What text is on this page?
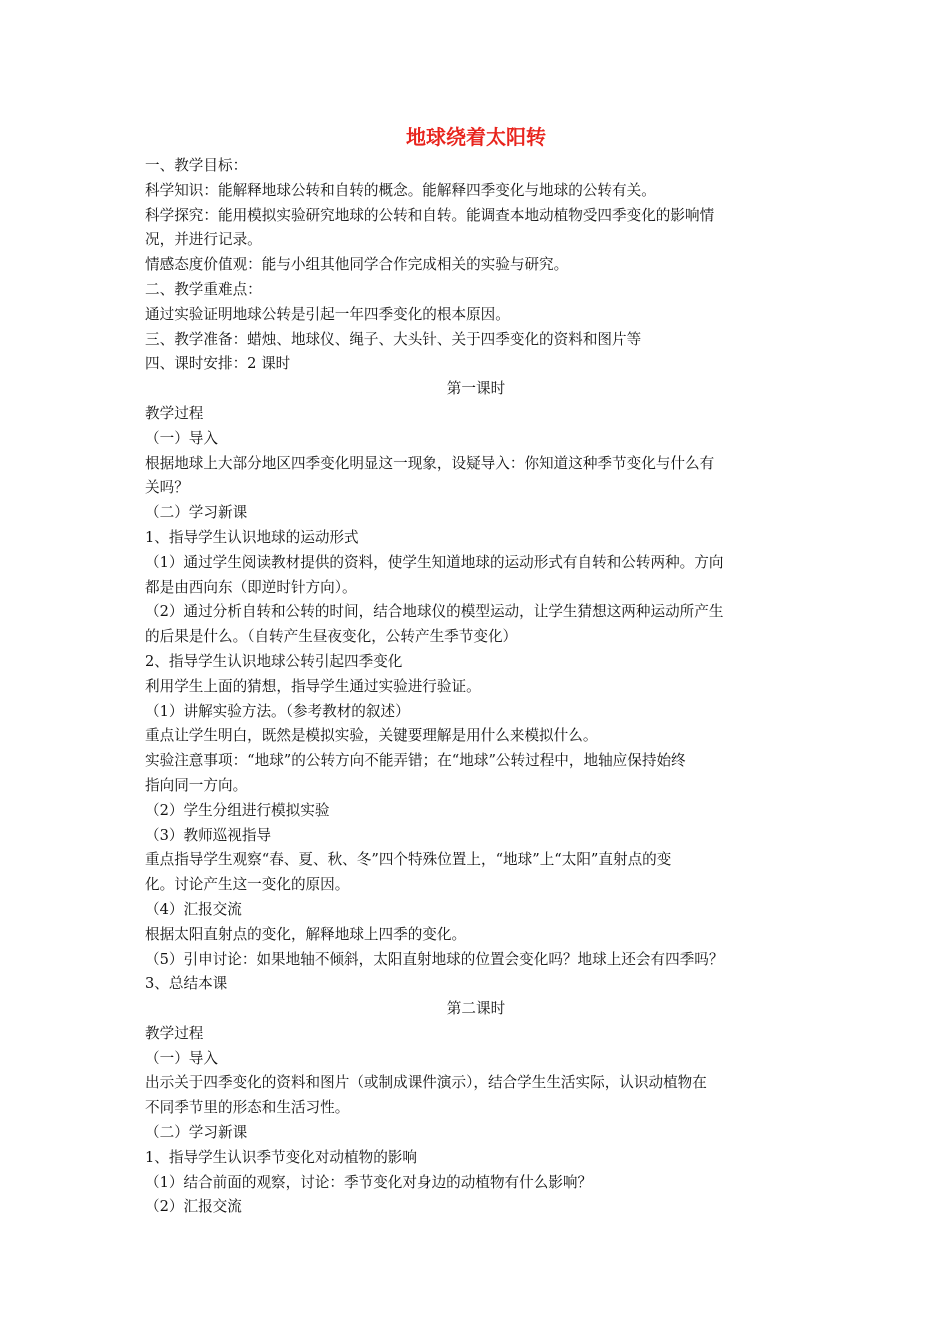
地球绕着太阳转

一、教学目标：

科学知识：能解释地球公转和自转的概念。能解释四季变化与地球的公转有关。

科学探究：能用模拟实验研究地球的公转和自转。能调查本地动植物受四季变化的影响情

况，并进行记录。

情感态度价值观：能与小组其他同学合作完成相关的实验与研究。

二、教学重难点：

通过实验证明地球公转是引起一年四季变化的根本原因。

三、教学准备：蜡烛、地球仪、绳子、大头针、关于四季变化的资料和图片等

四、课时安排：2 课时

第一课时

教学过程

（一）导入

根据地球上大部分地区四季变化明显这一现象，设疑导入：你知道这种季节变化与什么有

关吗？

（二）学习新课

1、指导学生认识地球的运动形式

（1）通过学生阅读教材提供的资料，使学生知道地球的运动形式有自转和公转两种。方向

都是由西向东（即逆时针方向）。

（2）通过分析自转和公转的时间，结合地球仪的模型运动，让学生猜想这两种运动所产生

的后果是什么。（自转产生昼夜变化，公转产生季节变化）

2、指导学生认识地球公转引起四季变化

利用学生上面的猜想，指导学生通过实验进行验证。

（1）讲解实验方法。（参考教材的叙述）

重点让学生明白，既然是模拟实验，关键要理解是用什么来模拟什么。

实验注意事项：“地球”的公转方向不能弄错；在“地球”公转过程中，地轴应保持始终

指向同一方向。

（2）学生分组进行模拟实验

（3）教师巡视指导

重点指导学生观察“春、夏、秋、冬”四个特殊位置上，“地球”上“太阳”直射点的变

化。讨论产生这一变化的原因。

（4）汇报交流

根据太阳直射点的变化，解释地球上四季的变化。

（5）引申讨论：如果地轴不倾斜，太阳直射地球的位置会变化吗？地球上还会有四季吗？

3、总结本课

第二课时

教学过程

（一）导入

出示关于四季变化的资料和图片（或制成课件演示），结合学生生活实际，认识动植物在

不同季节里的形态和生活习性。

（二）学习新课

1、指导学生认识季节变化对动植物的影响

（1）结合前面的观察，讨论：季节变化对身边的动植物有什么影响？

（2）汇报交流
